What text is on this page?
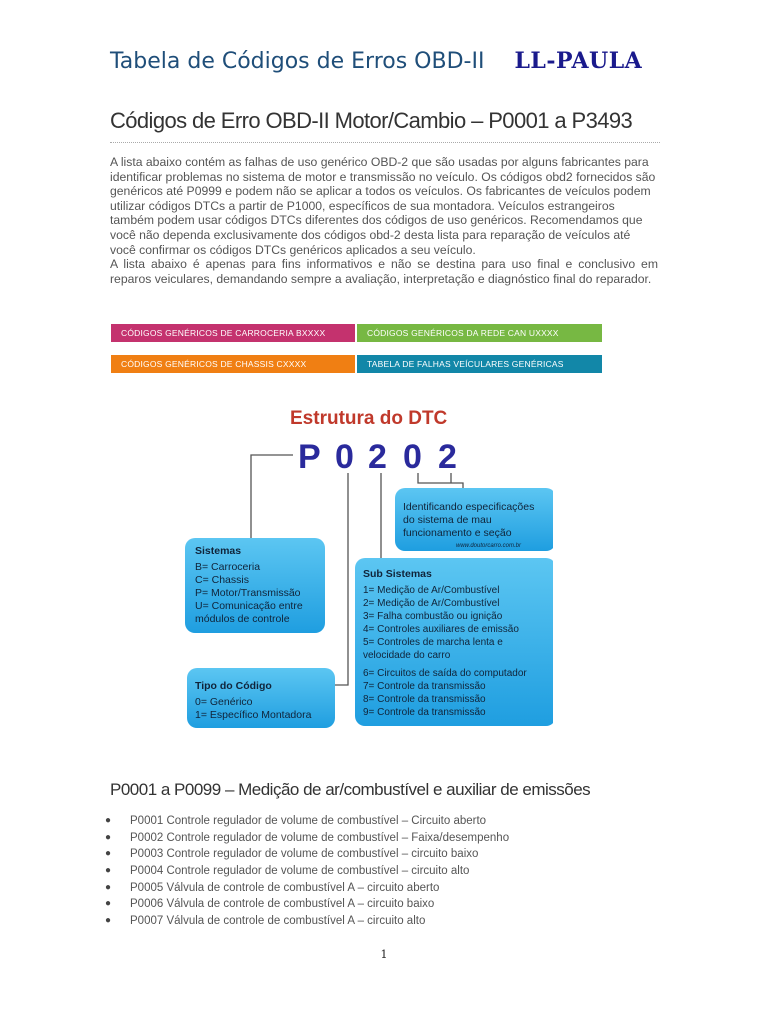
Tabela de Códigos de Erros OBD-II LL-PAULA
Códigos de Erro OBD-II Motor/Cambio – P0001 a P3493

A lista abaixo contém as falhas de uso genérico OBD-2 que são usadas por alguns fabricantes para identificar problemas no sistema de motor e transmissão no veículo. Os códigos obd2 fornecidos são genéricos até P0999 e podem não se aplicar a todos os veículos. Os fabricantes de veículos podem utilizar códigos DTCs a partir de P1000, específicos de sua montadora. Veículos estrangeiros também podem usar códigos DTCs diferentes dos códigos de uso genéricos. Recomendamos que você não dependa exclusivamente dos códigos obd-2 desta lista para reparação de veículos até você confirmar os códigos DTCs genéricos aplicados a seu veículo.

A lista abaixo é apenas para fins informativos e não se destina para uso final e conclusivo em reparos veiculares, demandando sempre a avaliação, interpretação e diagnóstico final do reparador.

CÓDIGOS GENÉRICOS DE CARROCERIA BXXXX	CÓDIGOS GENÉRICOS DA REDE CAN UXXXX
CÓDIGOS GENÉRICOS DE CHASSIS CXXXX	TABELA DE FALHAS VEÍCULARES GENÉRICAS
Estrutura do DTC
P 0 2 0 2
Identificando especificações
do sistema de mau
funcionamento e seção
www.doutorcarro.com.br
Sistemas
B= Carroceria
C= Chassis
P= Motor/Transmissão
U= Comunicação entre
módulos de controle
Sub Sistemas
1= Medição de Ar/Combustível
2= Medição de Ar/Combustível
3= Falha combustão ou ignição
4= Controles auxiliares de emissão
5= Controles de marcha lenta e
velocidade do carro
6= Circuitos de saída do computador
7= Controle da transmissão
8= Controle da transmissão
9= Controle da transmissão
Tipo do Código
0= Genérico
1= Específico Montadora
P0001 a P0099 – Medição de ar/combustível e auxiliar de emissões
● P0001 Controle regulador de volume de combustível – Circuito aberto
● P0002 Controle regulador de volume de combustível – Faixa/desempenho
● P0003 Controle regulador de volume de combustível – circuito baixo
● P0004 Controle regulador de volume de combustível – circuito alto
● P0005 Válvula de controle de combustível A – circuito aberto
● P0006 Válvula de controle de combustível A – circuito baixo
● P0007 Válvula de controle de combustível A – circuito alto
1
